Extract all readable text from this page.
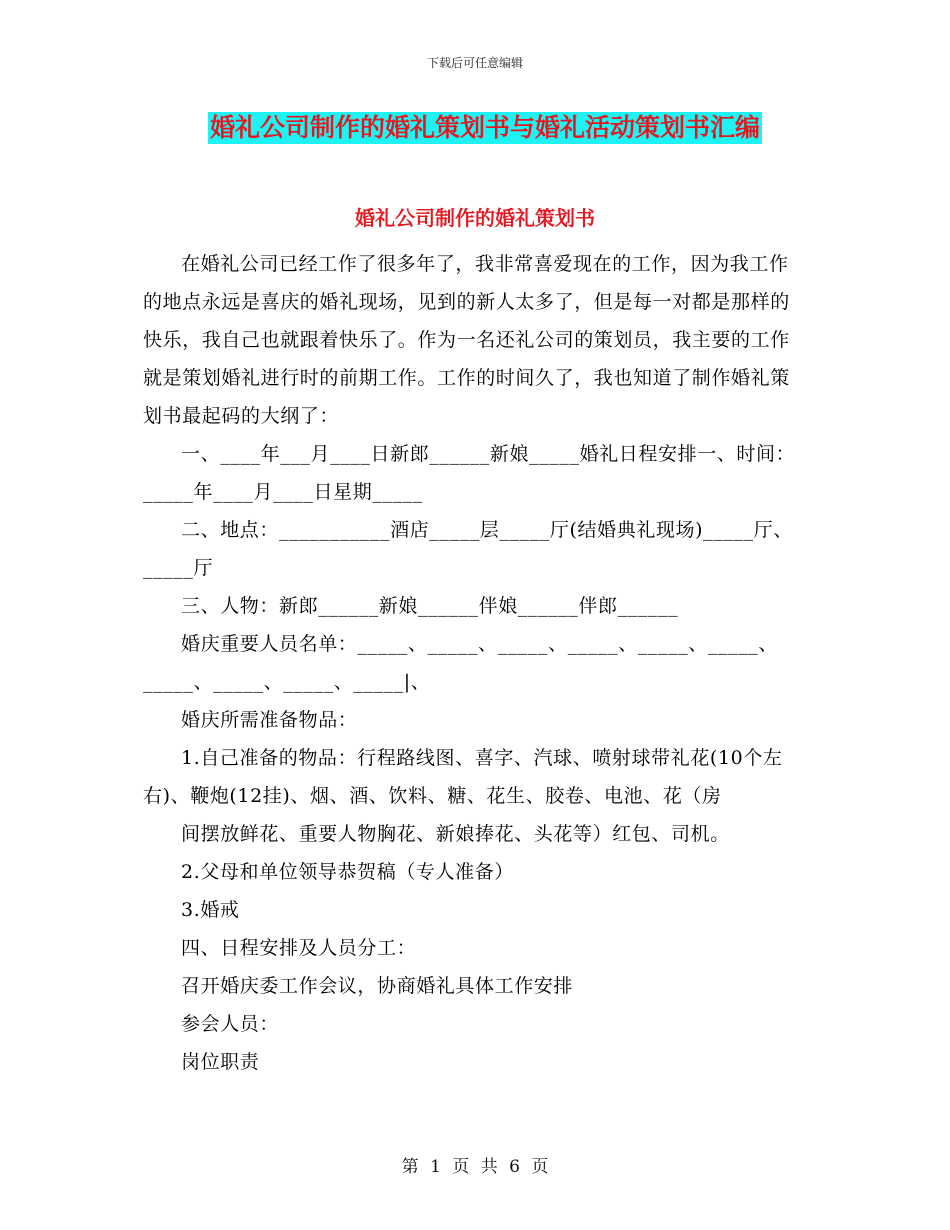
下载后可任意编辑
婚礼公司制作的婚礼策划书与婚礼活动策划书汇编
婚礼公司制作的婚礼策划书

在婚礼公司已经工作了很多年了，我非常喜爱现在的工作，因为我工作的地点永远是喜庆的婚礼现场，见到的新人太多了，但是每一对都是那样的快乐，我自己也就跟着快乐了。作为一名还礼公司的策划员，我主要的工作就是策划婚礼进行时的前期工作。工作的时间久了，我也知道了制作婚礼策划书最起码的大纲了：

一、____年___月____日新郎______新娘_____婚礼日程安排一、时间：_____年____月____日星期_____

二、地点：___________酒店_____层_____厅(结婚典礼现场)_____厅、_____厅

三、人物：新郎______新娘______伴娘______伴郎______

婚庆重要人员名单：_____、_____、_____、_____、_____、_____、_____、_____、_____、_____|、

婚庆所需准备物品：

1.自己准备的物品：行程路线图、喜字、汽球、喷射球带礼花(10个左右)、鞭炮(12挂)、烟、酒、饮料、糖、花生、胶卷、电池、花（房

间摆放鲜花、重要人物胸花、新娘捧花、头花等）红包、司机。

2.父母和单位领导恭贺稿（专人准备）

3.婚戒

四、日程安排及人员分工：

召开婚庆委工作会议，协商婚礼具体工作安排

参会人员：

岗位职责

第 1 页 共 6 页
